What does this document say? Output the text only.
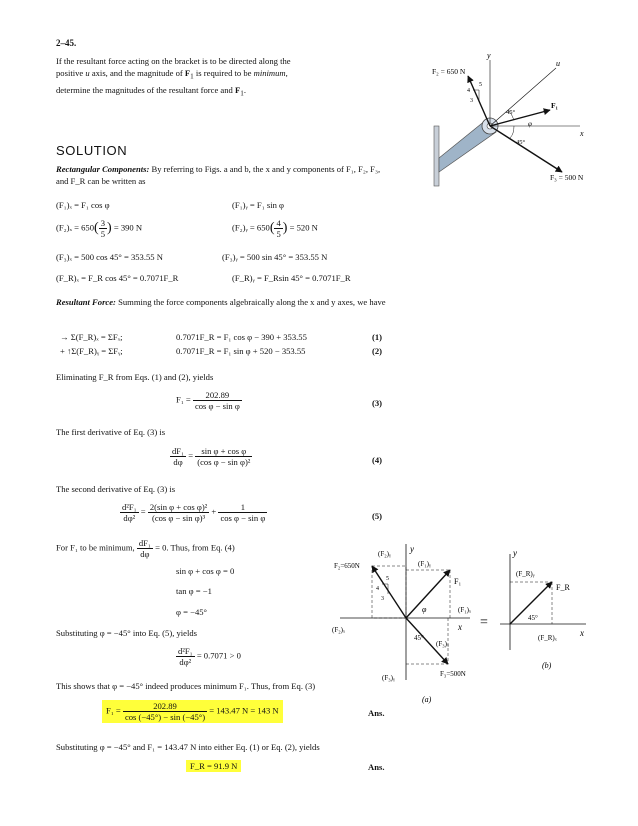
2–45.
If the resultant force acting on the bracket is to be directed along the positive u axis, and the magnitude of $F_1$ is required to be minimum, determine the magnitudes of the resultant force and $F_1$.
y
u
x
F₂ = 650 N
5
4
3	F₁
φ
45°
45°
F₃ = 500 N
SOLUTION
Rectangular Components: By referring to Figs. a and b, the x and y components of F₁, F₂, F₃, and F_R can be written as
(F₁)ₓ = F₁ cos φ	(F₁)ᵧ = F₁ sin φ
$(F_2)_x = 650( \frac{3}{5}$ ) = 390 N	(F₂)ᵧ = $650( \frac{4}{5}$ ) = 520 N
(F₃)ₓ = 500 cos 45° = 353.55 N	(F₃)ᵧ = 500 sin 45° = 353.55 N
(F_R)ₓ = F_R cos 45° = 0.7071F_R	(F_R)ᵧ = F_Rsin 45° = 0.7071F_R
Resultant Force: Summing the force components algebraically along the x and y axes, we have
→ Σ(F_R)ₓ = ΣFₓ;	0.7071F_R = F₁ cos φ − 390 + 353.55	(1)
+ ↑Σ(F_R)ᵧ = ΣFᵧ;	0.7071F_R = F₁ sin φ + 520 − 353.55	(2)
Eliminating F_R from Eqs. (1) and (2), yields
$F_1 = \frac{202.89}{\text{cos φ − sin φ}}$	(3)
The first derivative of Eq. (3) is
$\frac{\text{dF₁}}{d\varphi} = \frac{\text{sin φ + cos φ}}{\text{(cos φ − sin φ)²}}$	(4)
The second derivative of Eq. (3) is
$\frac{\text{d²F₁}}{\text{dφ²}} = \frac{\text{2(sin φ + cos φ)²}}{\text{(cos φ − sin φ)³}} + \frac{1}{\text{cos φ − sin φ}}$	(5)
For F₁ to be minimum, $\frac{\text{dF₁}}{d\varphi} = 0$. Thus, from Eq. (4)
sin φ + cos φ = 0
tan φ = −1
φ = −45°
Substituting φ = −45° into Eq. (5), yields
$\frac{\text{d²F₁}}{\text{dφ²}} = 0.7071 > 0$
This shows that φ = −45° indeed produces minimum F₁. Thus, from Eq. (3)
$F_1 = \frac{202.89}{\cos (-45^\circ) - \sin (-45^\circ)} = 143.47$ N = 143 N	Ans.
Substituting φ = −45° and F₁ = 143.47 N into either Eq. (1) or Eq. (2), yields
F_R = 91.9 N	Ans.
y
x
F₂=650N
(F₂)ᵧ
(F₂)ₓ
5
4
3
(F₁)ᵧ
F₁
(F₁)ₓ
φ
45°
(F₃)ₓ
(F₃)ᵧ	F₃=500N
(a)
=
y
x
(F_R)ᵧ
F_R
45°
(F_R)ₓ
(b)
